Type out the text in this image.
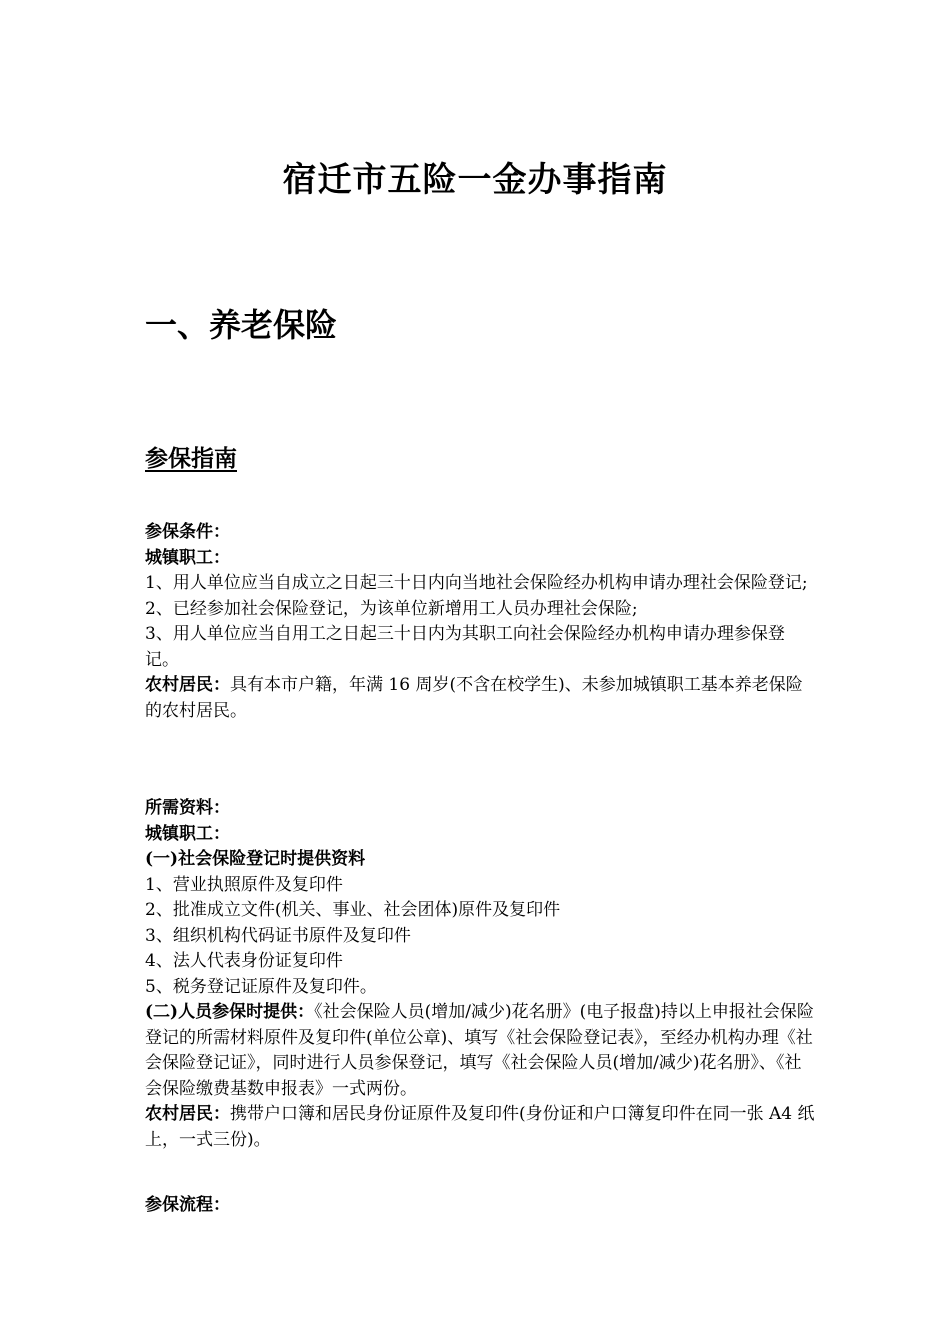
宿迁市五险一金办事指南
一、养老保险
参保指南

参保条件：

城镇职工：

1、用人单位应当自成立之日起三十日内向当地社会保险经办机构申请办理社会保险登记;

2、已经参加社会保险登记，为该单位新增用工人员办理社会保险;

3、用人单位应当自用工之日起三十日内为其职工向社会保险经办机构申请办理参保登记。

农村居民：具有本市户籍，年满 16 周岁(不含在校学生)、未参加城镇职工基本养老保险的农村居民。

所需资料：

城镇职工：

(一)社会保险登记时提供资料

1、营业执照原件及复印件

2、批准成立文件(机关、事业、社会团体)原件及复印件

3、组织机构代码证书原件及复印件

4、法人代表身份证复印件

5、税务登记证原件及复印件。

(二)人员参保时提供：《社会保险人员(增加/减少)花名册》(电子报盘)持以上申报社会保险登记的所需材料原件及复印件(单位公章)、填写《社会保险登记表》，至经办机构办理《社会保险登记证》，同时进行人员参保登记，填写《社会保险人员(增加/减少)花名册》、《社会保险缴费基数申报表》一式两份。

农村居民：携带户口簿和居民身份证原件及复印件(身份证和户口簿复印件在同一张 A4 纸上，一式三份)。

参保流程：
